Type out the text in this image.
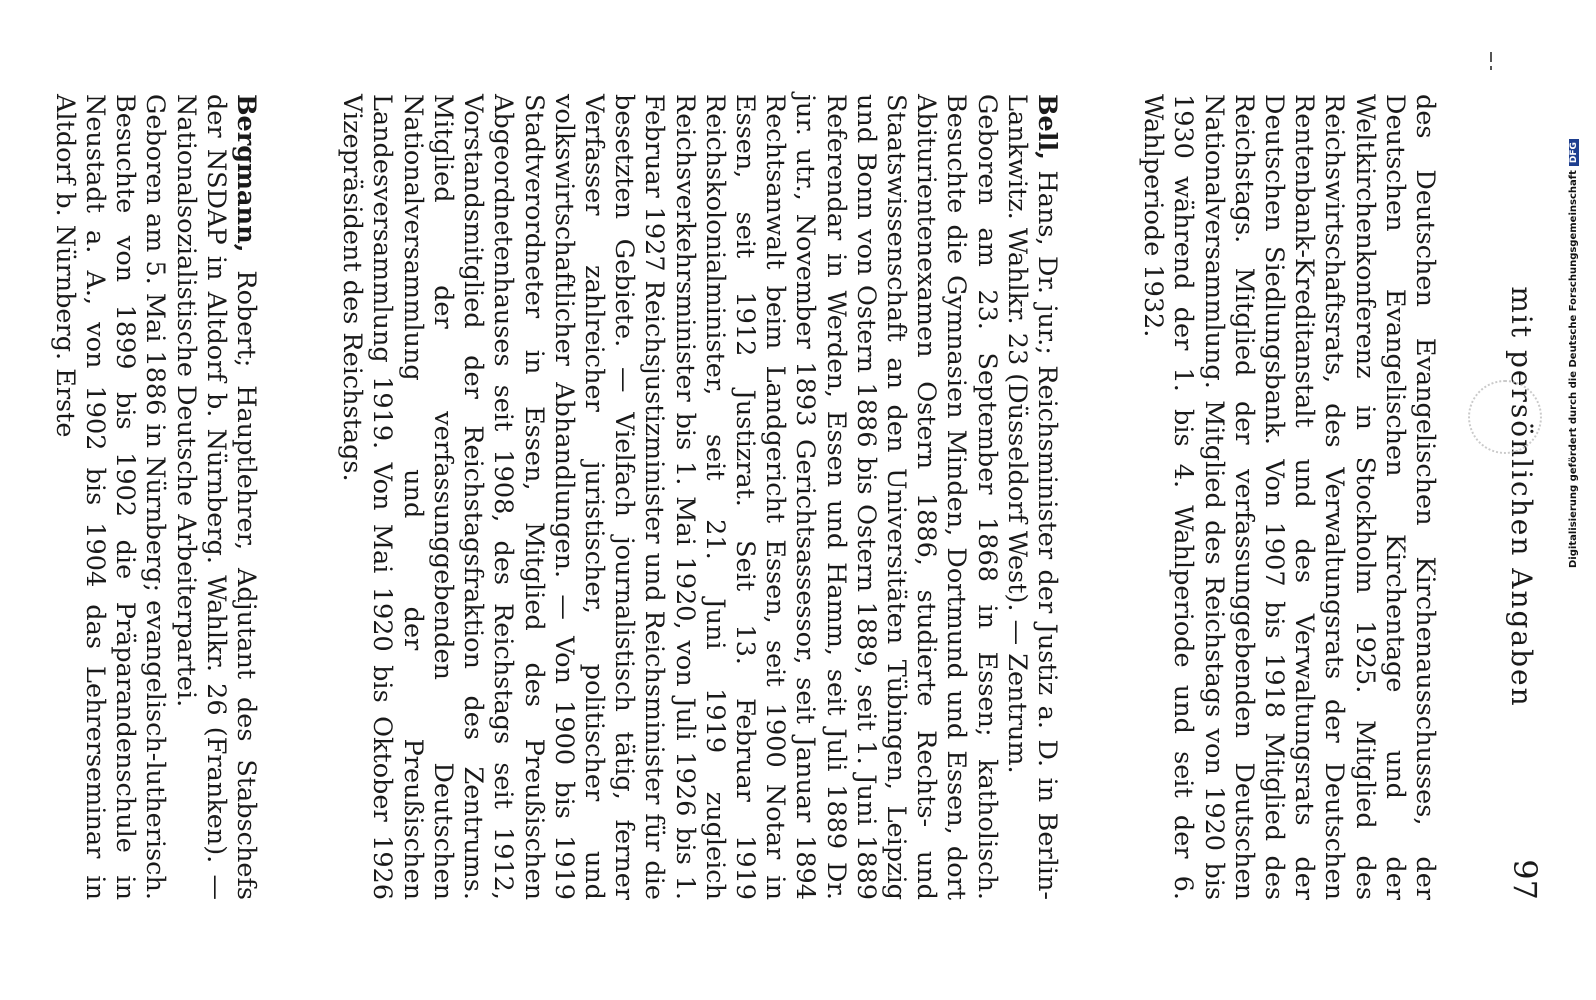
mit persönlichen Angaben
97

des Deutschen Evangelischen Kirchenausschusses, der Deutschen Evangelischen Kirchentage und der Weltkirchenkonferenz in Stockholm 1925. Mitglied des Reichswirtschaftsrats, des Verwaltungsrats der Deutschen Rentenbank-Kreditanstalt und des Verwaltungsrats der Deutschen Siedlungsbank. Von 1907 bis 1918 Mitglied des Reichstags. Mitglied der verfassunggebenden Deutschen Nationalversammlung. Mitglied des Reichstags von 1920 bis 1930 während der 1. bis 4. Wahlperiode und seit der 6. Wahlperiode 1932.

Bell, Hans, Dr. jur.; Reichsminister der Justiz a. D. in Berlin-Lankwitz. Wahlkr. 23 (Düsseldorf West). — Zentrum.

Geboren am 23. September 1868 in Essen; katholisch. Besuchte die Gymnasien Minden, Dortmund und Essen, dort Abiturientenexamen Ostern 1886, studierte Rechts- und Staatswissenschaft an den Universitäten Tübingen, Leipzig und Bonn von Ostern 1886 bis Ostern 1889, seit 1. Juni 1889 Referendar in Werden, Essen und Hamm, seit Juli 1889 Dr. jur. utr., November 1893 Gerichtsassessor, seit Januar 1894 Rechtsanwalt beim Landgericht Essen, seit 1900 Notar in Essen, seit 1912 Justizrat. Seit 13. Februar 1919 Reichskolonialminister, seit 21. Juni 1919 zugleich Reichsverkehrsminister bis 1. Mai 1920, von Juli 1926 bis 1. Februar 1927 Reichsjustizminister und Reichsminister für die besetzten Gebiete. — Vielfach journalistisch tätig, ferner Verfasser zahlreicher juristischer, politischer und volkswirtschaftlicher Abhandlungen. — Von 1900 bis 1919 Stadtverordneter in Essen, Mitglied des Preußischen Abgeordnetenhauses seit 1908, des Reichstags seit 1912, Vorstandsmitglied der Reichstagsfraktion des Zentrums. Mitglied der verfassunggebenden Deutschen Nationalversammlung und der Preußischen Landesversammlung 1919. Von Mai 1920 bis Oktober 1926 Vizepräsident des Reichstags.

Bergmann, Robert; Hauptlehrer, Adjutant des Stabschefs der NSDAP in Altdorf b. Nürnberg. Wahlkr. 26 (Franken). — Nationalsozialistische Deutsche Arbeiterpartei.

Geboren am 5. Mai 1886 in Nürnberg; evangelisch-lutherisch. Besuchte von 1899 bis 1902 die Präparandenschule in Neustadt a. A., von 1902 bis 1904 das Lehrerseminar in Altdorf b. Nürnberg. Erste	Digitalisierung gefördert durch die Deutsche ForschungsgemeinschaftDFG
